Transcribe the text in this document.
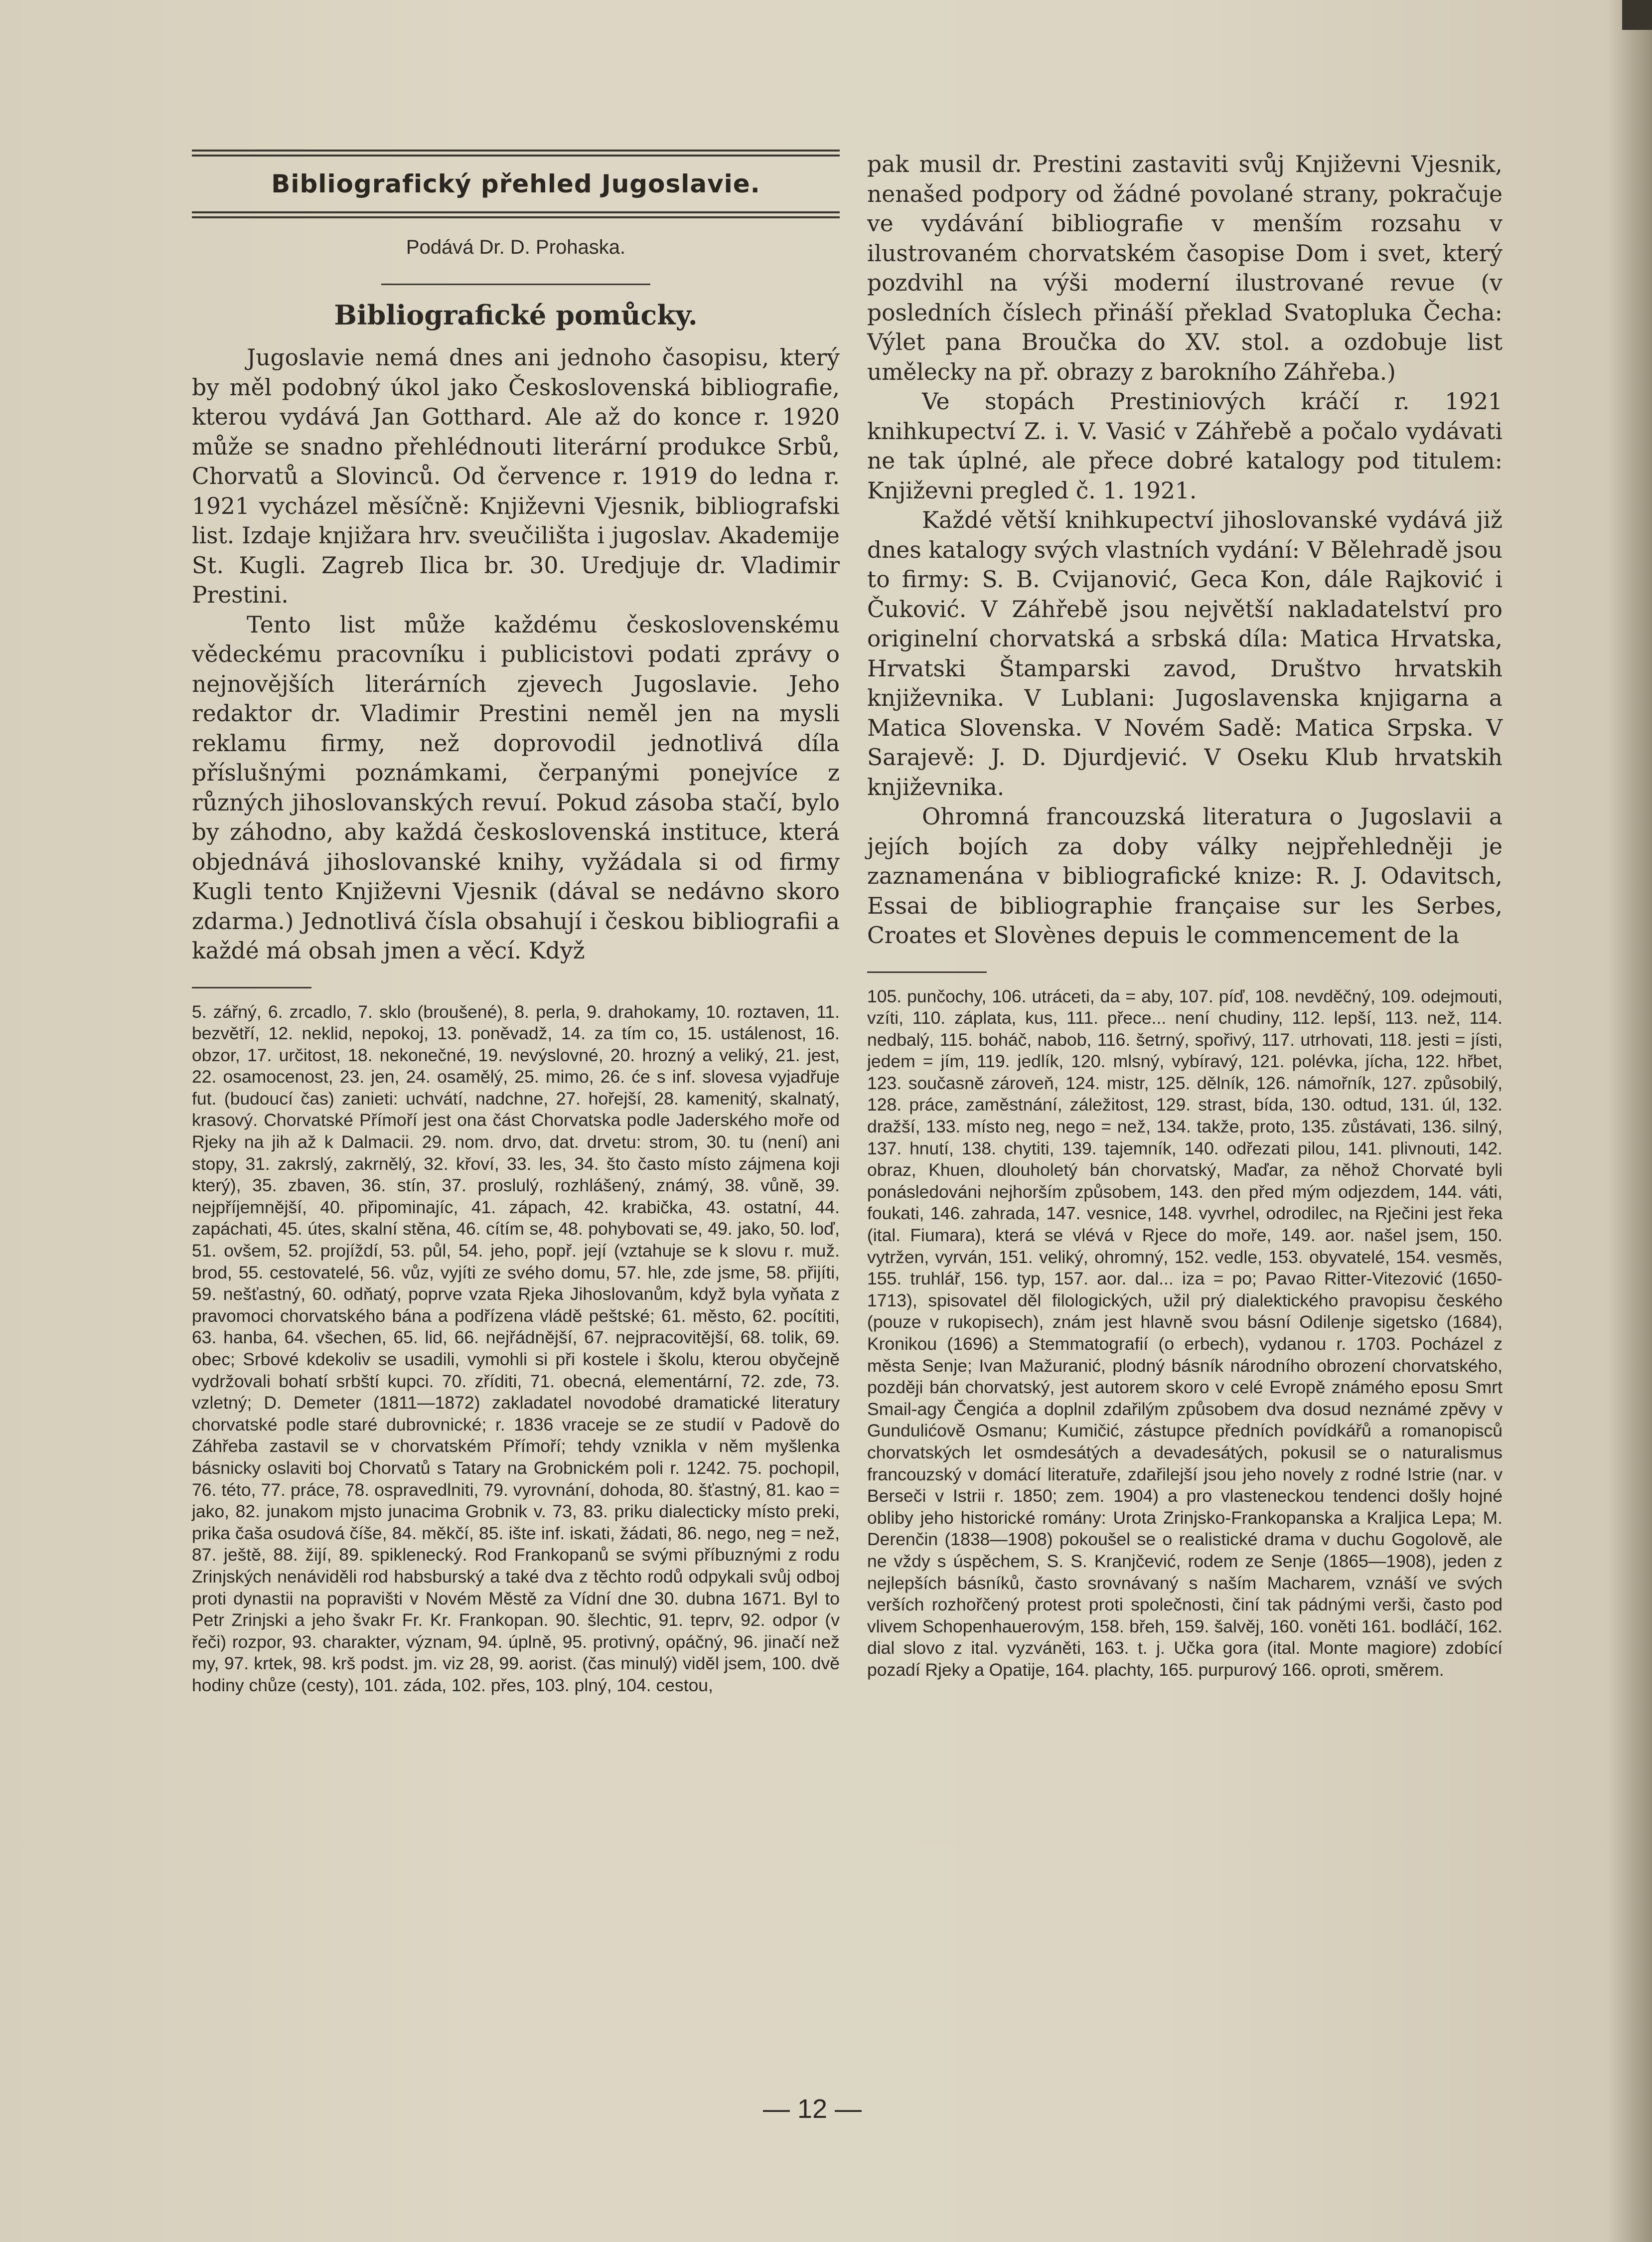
Bibliografický přehled Jugoslavie.
Podává Dr. D. Prohaska.
Bibliografické pomůcky.

Jugoslavie nemá dnes ani jednoho časopisu, který by měl podobný úkol jako Československá bibliografie, kterou vydává Jan Gotthard. Ale až do konce r. 1920 může se snadno přehlédnouti literární produkce Srbů, Chorvatů a Slovinců. Od července r. 1919 do ledna r. 1921 vycházel měsíčně: Književni Vjesnik, bibliografski list. Izdaje knjižara hrv. sveučilišta i jugoslav. Akademije St. Kugli. Zagreb Ilica br. 30. Uredjuje dr. Vladimir Prestini.

Tento list může každému československému vědeckému pracovníku i publicistovi podati zprávy o nejnovějších literárních zjevech Jugoslavie. Jeho redaktor dr. Vladimir Prestini neměl jen na mysli reklamu firmy, než doprovodil jednotlivá díla příslušnými poznámkami, čerpanými ponejvíce z různých jihoslovanských revuí. Pokud zásoba stačí, bylo by záhodno, aby každá československá instituce, která objednává jihoslovanské knihy, vyžádala si od firmy Kugli tento Književni Vjesnik (dával se nedávno skoro zdarma.) Jednotlivá čísla obsahují i českou bibliografii a každé má obsah jmen a věcí. Když

5. zářný, 6. zrcadlo, 7. sklo (broušené), 8. perla, 9. drahokamy, 10. roztaven, 11. bezvětří, 12. neklid, nepokoj, 13. poněvadž, 14. za tím co, 15. ustálenost, 16. obzor, 17. určitost, 18. nekonečné, 19. nevýslovné, 20. hrozný a veliký, 21. jest, 22. osamocenost, 23. jen, 24. osamělý, 25. mimo, 26. će s inf. slovesa vyjadřuje fut. (budoucí čas) zanieti: uchvátí, nadchne, 27. hořejší, 28. kamenitý, skalnatý, krasový. Chorvatské Přímoří jest ona část Chorvatska podle Jaderského moře od Rjeky na jih až k Dalmacii. 29. nom. drvo, dat. drvetu: strom, 30. tu (není) ani stopy, 31. zakrslý, zakrnělý, 32. křoví, 33. les, 34. što často místo zájmena koji který), 35. zbaven, 36. stín, 37. proslulý, rozhlášený, známý, 38. vůně, 39. nejpříjemnější, 40. připominajíc, 41. zápach, 42. krabička, 43. ostatní, 44. zapáchati, 45. útes, skalní stěna, 46. cítím se, 48. pohybovati se, 49. jako, 50. loď, 51. ovšem, 52. projíždí, 53. půl, 54. jeho, popř. její (vztahuje se k slovu r. muž. brod, 55. cestovatelé, 56. vůz, vyjíti ze svého domu, 57. hle, zde jsme, 58. přijíti, 59. nešťastný, 60. odňatý, poprve vzata Rjeka Jihoslovanům, když byla vyňata z pravomoci chorvatského bána a podřízena vládě peštské; 61. město, 62. pocítiti, 63. hanba, 64. všechen, 65. lid, 66. nejřádnější, 67. nejpracovitější, 68. tolik, 69. obec; Srbové kdekoliv se usadili, vymohli si při kostele i školu, kterou obyčejně vydržovali bohatí srbští kupci. 70. zříditi, 71. obecná, elementární, 72. zde, 73. vzletný; D. Demeter (1811—1872) zakladatel novodobé dramatické literatury chorvatské podle staré dubrovnické; r. 1836 vraceje se ze studií v Padově do Záhřeba zastavil se v chorvatském Přímoří; tehdy vznikla v něm myšlenka básnicky oslaviti boj Chorvatů s Tatary na Grobnickém poli r. 1242. 75. pochopil, 76. této, 77. práce, 78. ospravedlniti, 79. vyrovnání, dohoda, 80. šťastný, 81. kao = jako, 82. junakom mjsto junacima Grobnik v. 73, 83. priku dialecticky místo preki, prika čaša osudová číše, 84. měkčí, 85. ište inf. iskati, žádati, 86. nego, neg = než, 87. ještě, 88. žijí, 89. spiklenecký. Rod Frankopanů se svými příbuznými z rodu Zrinjských nenáviděli rod habsburský a také dva z těchto rodů odpykali svůj odboj proti dynastii na popravišti v Novém Městě za Vídní dne 30. dubna 1671. Byl to Petr Zrinjski a jeho švakr Fr. Kr. Frankopan. 90. šlechtic, 91. teprv, 92. odpor (v řeči) rozpor, 93. charakter, význam, 94. úplně, 95. protivný, opáčný, 96. jinačí než my, 97. krtek, 98. krš podst. jm. viz 28, 99. aorist. (čas minulý) viděl jsem, 100. dvě hodiny chůze (cesty), 101. záda, 102. přes, 103. plný, 104. cestou,

pak musil dr. Prestini zastaviti svůj Književni Vjesnik, nenašed podpory od žádné povolané strany, pokračuje ve vydávání bibliografie v menším rozsahu v ilustrovaném chorvatském časopise Dom i svet, který pozdvihl na výši moderní ilustrované revue (v posledních číslech přináší překlad Svatopluka Čecha: Výlet pana Broučka do XV. stol. a ozdobuje list umělecky na př. obrazy z barokního Záhřeba.)

Ve stopách Prestiniových kráčí r. 1921 knihkupectví Z. i. V. Vasić v Záhřebě a počalo vydávati ne tak úplné, ale přece dobré katalogy pod titulem: Književni pregled č. 1. 1921.

Každé větší knihkupectví jihoslovanské vydává již dnes katalogy svých vlastních vydání: V Bělehradě jsou to firmy: S. B. Cvijanović, Geca Kon, dále Rajković i Čuković. V Záhřebě jsou největší nakladatelství pro originelní chorvatská a srbská díla: Matica Hrvatska, Hrvatski Štamparski zavod, Društvo hrvatskih književnika. V Lublani: Jugoslavenska knjigarna a Matica Slovenska. V Novém Sadě: Matica Srpska. V Sarajevě: J. D. Djurdjević. V Oseku Klub hrvatskih književnika.

Ohromná francouzská literatura o Jugoslavii a jejích bojích za doby války nejpřehledněji je zaznamenána v bibliografické knize: R. J. Odavitsch, Essai de bibliographie française sur les Serbes, Croates et Slovènes depuis le commencement de la

105. punčochy, 106. utráceti, da = aby, 107. píď, 108. nevděčný, 109. odejmouti, vzíti, 110. záplata, kus, 111. přece... není chudiny, 112. lepší, 113. než, 114. nedbalý, 115. boháč, nabob, 116. šetrný, spořivý, 117. utrhovati, 118. jesti = jísti, jedem = jím, 119. jedlík, 120. mlsný, vybíravý, 121. polévka, jícha, 122. hřbet, 123. současně zároveň, 124. mistr, 125. dělník, 126. námořník, 127. způsobilý, 128. práce, zaměstnání, záležitost, 129. strast, bída, 130. odtud, 131. úl, 132. dražší, 133. místo neg, nego = než, 134. takže, proto, 135. zůstávati, 136. silný, 137. hnutí, 138. chytiti, 139. tajemník, 140. odřezati pilou, 141. plivnouti, 142. obraz, Khuen, dlouholetý bán chorvatský, Maďar, za něhož Chorvaté byli ponásledováni nejhorším způsobem, 143. den před mým odjezdem, 144. váti, foukati, 146. zahrada, 147. vesnice, 148. vyvrhel, odrodilec, na Rječini jest řeka (ital. Fiumara), která se vlévá v Rjece do moře, 149. aor. našel jsem, 150. vytržen, vyrván, 151. veliký, ohromný, 152. vedle, 153. obyvatelé, 154. vesměs, 155. truhlář, 156. typ, 157. aor. dal... iza = po; Pavao Ritter-Vitezović (1650-1713), spisovatel děl filologických, užil prý dialektického pravopisu českého (pouze v rukopisech), znám jest hlavně svou básní Odilenje sigetsko (1684), Kronikou (1696) a Stemmatografií (o erbech), vydanou r. 1703. Pocházel z města Senje; Ivan Mažuranić, plodný básník národního obrození chorvatského, později bán chorvatský, jest autorem skoro v celé Evropě známého eposu Smrt Smail-agy Čengića a doplnil zdařilým způsobem dva dosud neznámé zpěvy v Gundulićově Osmanu; Kumičić, zástupce předních povídkářů a romanopisců chorvatských let osmdesátých a devadesátých, pokusil se o naturalismus francouzský v domácí literatuře, zdařilejší jsou jeho novely z rodné Istrie (nar. v Berseči v Istrii r. 1850; zem. 1904) a pro vlasteneckou tendenci došly hojné obliby jeho historické romány: Urota Zrinjsko-Frankopanska a Kraljica Lepa; M. Derenčin (1838—1908) pokoušel se o realistické drama v duchu Gogolově, ale ne vždy s úspěchem, S. S. Kranjčević, rodem ze Senje (1865—1908), jeden z nejlepších básníků, často srovnávaný s naším Macharem, vznáší ve svých verších rozhořčený protest proti společnosti, činí tak pádnými verši, často pod vlivem Schopenhauerovým, 158. břeh, 159. šalvěj, 160. voněti 161. bodláčí, 162. dial slovo z ital. vyzváněti, 163. t. j. Učka gora (ital. Monte magiore) zdobící pozadí Rjeky a Opatije, 164. plachty, 165. purpurový 166. oproti, směrem.

— 12 —
